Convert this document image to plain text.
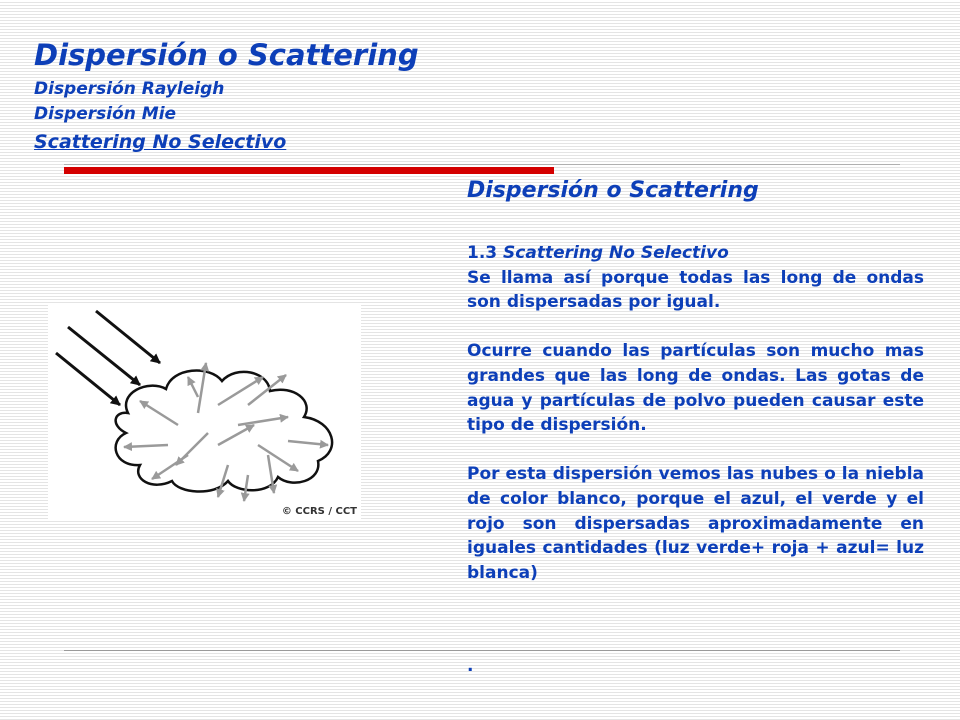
Dispersión o Scattering
Dispersión Rayleigh
Dispersión Mie
Scattering No Selectivo
Dispersión o Scattering

1.3 Scattering No Selectivo

Se llama así porque todas las long de ondas son dispersadas por igual.

Ocurre cuando las partículas son mucho mas grandes que las long de ondas. Las gotas de agua y partículas de polvo pueden causar este tipo de dispersión.

Por esta dispersión vemos las nubes o la niebla de color blanco, porque el azul, el verde y el rojo son dispersadas aproximadamente en iguales cantidades (luz verde+ roja + azul= luz blanca)

.
© CCRS / CCT
